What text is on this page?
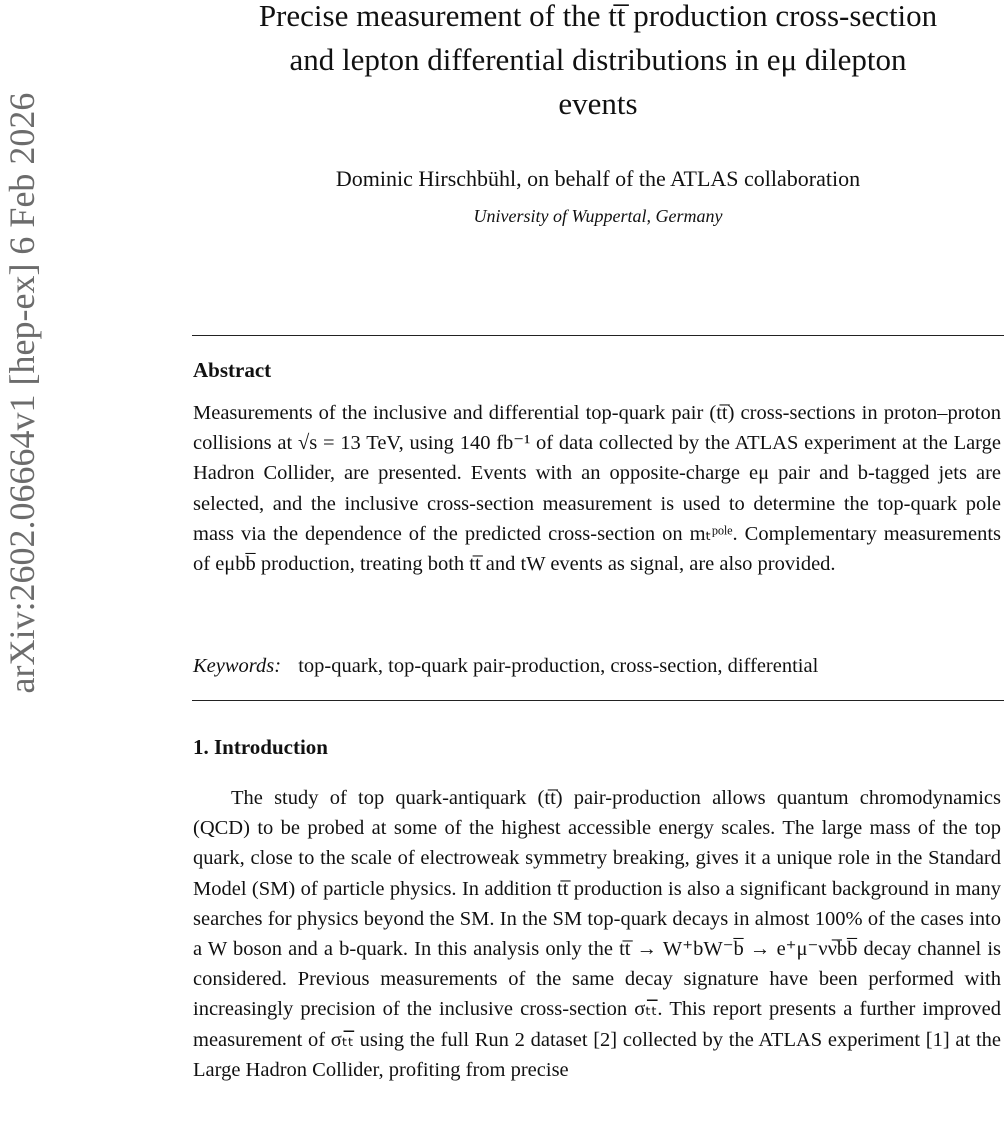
arXiv:2602.06664v1 [hep-ex] 6 Feb 2026
Precise measurement of the tt̅ production cross-section
and lepton differential distributions in eμ dilepton
events
Dominic Hirschbühl, on behalf of the ATLAS collaboration
University of Wuppertal, Germany
Abstract
Measurements of the inclusive and differential top-quark pair (tt̅) cross-sections in proton–proton collisions at √s = 13 TeV, using 140 fb⁻¹ of data collected by the ATLAS experiment at the Large Hadron Collider, are presented. Events with an opposite-charge eμ pair and b-tagged jets are selected, and the inclusive cross-section measurement is used to determine the top-quark pole mass via the dependence of the predicted cross-section on mₜᵖᵒˡᵉ. Complementary measurements of eμbb̅ production, treating both tt̅ and tW events as signal, are also provided.
Keywords: top-quark, top-quark pair-production, cross-section, differential
1. Introduction
The study of top quark-antiquark (tt̅) pair-production allows quantum chromodynamics (QCD) to be probed at some of the highest accessible energy scales. The large mass of the top quark, close to the scale of electroweak symmetry breaking, gives it a unique role in the Standard Model (SM) of particle physics. In addition tt̅ production is also a significant background in many searches for physics beyond the SM. In the SM top-quark decays in almost 100% of the cases into a W boson and a b-quark. In this analysis only the tt̅ → W⁺bW⁻b̅ → e⁺μ⁻νν̅bb̅ decay channel is considered. Previous measurements of the same decay signature have been performed with increasingly precision of the inclusive cross-section σₜₜ̅. This report presents a further improved measurement of σₜₜ̅ using the full Run 2 dataset [2] collected by the ATLAS experiment [1] at the Large Hadron Collider, profiting from precise
